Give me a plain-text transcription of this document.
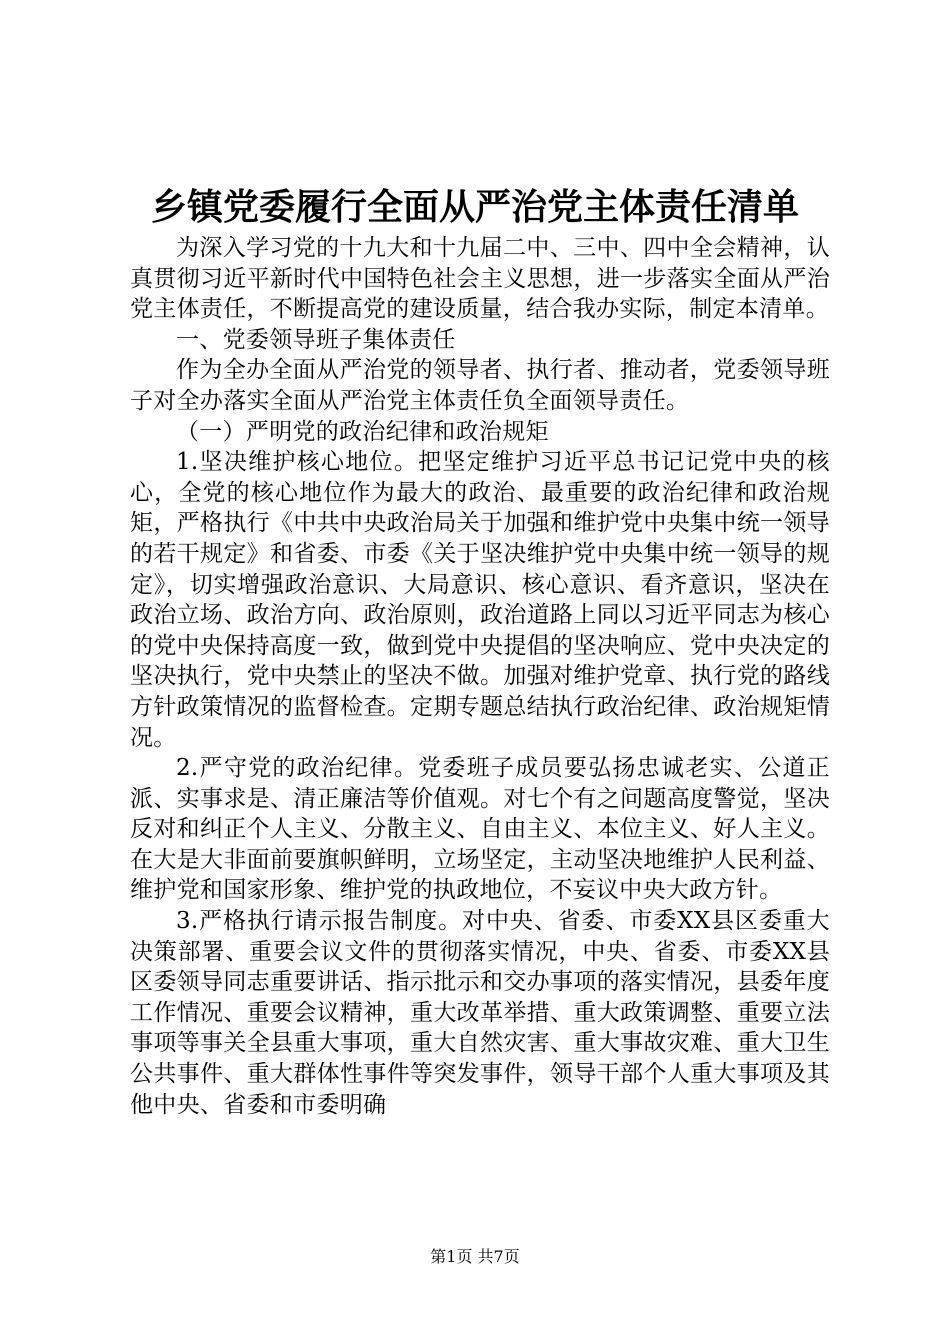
乡镇党委履行全面从严治党主体责任清单

为深入学习党的十九大和十九届二中、三中、四中全会精神，认真贯彻习近平新时代中国特色社会主义思想，进一步落实全面从严治党主体责任，不断提高党的建设质量，结合我办实际，制定本清单。

一、党委领导班子集体责任

作为全办全面从严治党的领导者、执行者、推动者，党委领导班子对全办落实全面从严治党主体责任负全面领导责任。

（一）严明党的政治纪律和政治规矩

1.坚决维护核心地位。把坚定维护习近平总书记记党中央的核心，全党的核心地位作为最大的政治、最重要的政治纪律和政治规矩，严格执行《中共中央政治局关于加强和维护党中央集中统一领导的若干规定》和省委、市委《关于坚决维护党中央集中统一领导的规定》，切实增强政治意识、大局意识、核心意识、看齐意识，坚决在政治立场、政治方向、政治原则，政治道路上同以习近平同志为核心的党中央保持高度一致，做到党中央提倡的坚决响应、党中央决定的坚决执行，党中央禁止的坚决不做。加强对维护党章、执行党的路线方针政策情况的监督检查。定期专题总结执行政治纪律、政治规矩情况。

2.严守党的政治纪律。党委班子成员要弘扬忠诚老实、公道正派、实事求是、清正廉洁等价值观。对七个有之问题高度警觉，坚决反对和纠正个人主义、分散主义、自由主义、本位主义、好人主义。在大是大非面前要旗帜鲜明，立场坚定，主动坚决地维护人民利益、维护党和国家形象、维护党的执政地位，不妄议中央大政方针。

3.严格执行请示报告制度。对中央、省委、市委XX县区委重大决策部署、重要会议文件的贯彻落实情况，中央、省委、市委XX县区委领导同志重要讲话、指示批示和交办事项的落实情况，县委年度工作情况、重要会议精神，重大改革举措、重大政策调整、重要立法事项等事关全县重大事项，重大自然灾害、重大事故灾难、重大卫生公共事件、重大群体性事件等突发事件，领导干部个人重大事项及其他中央、省委和市委明确

第1页 共7页
